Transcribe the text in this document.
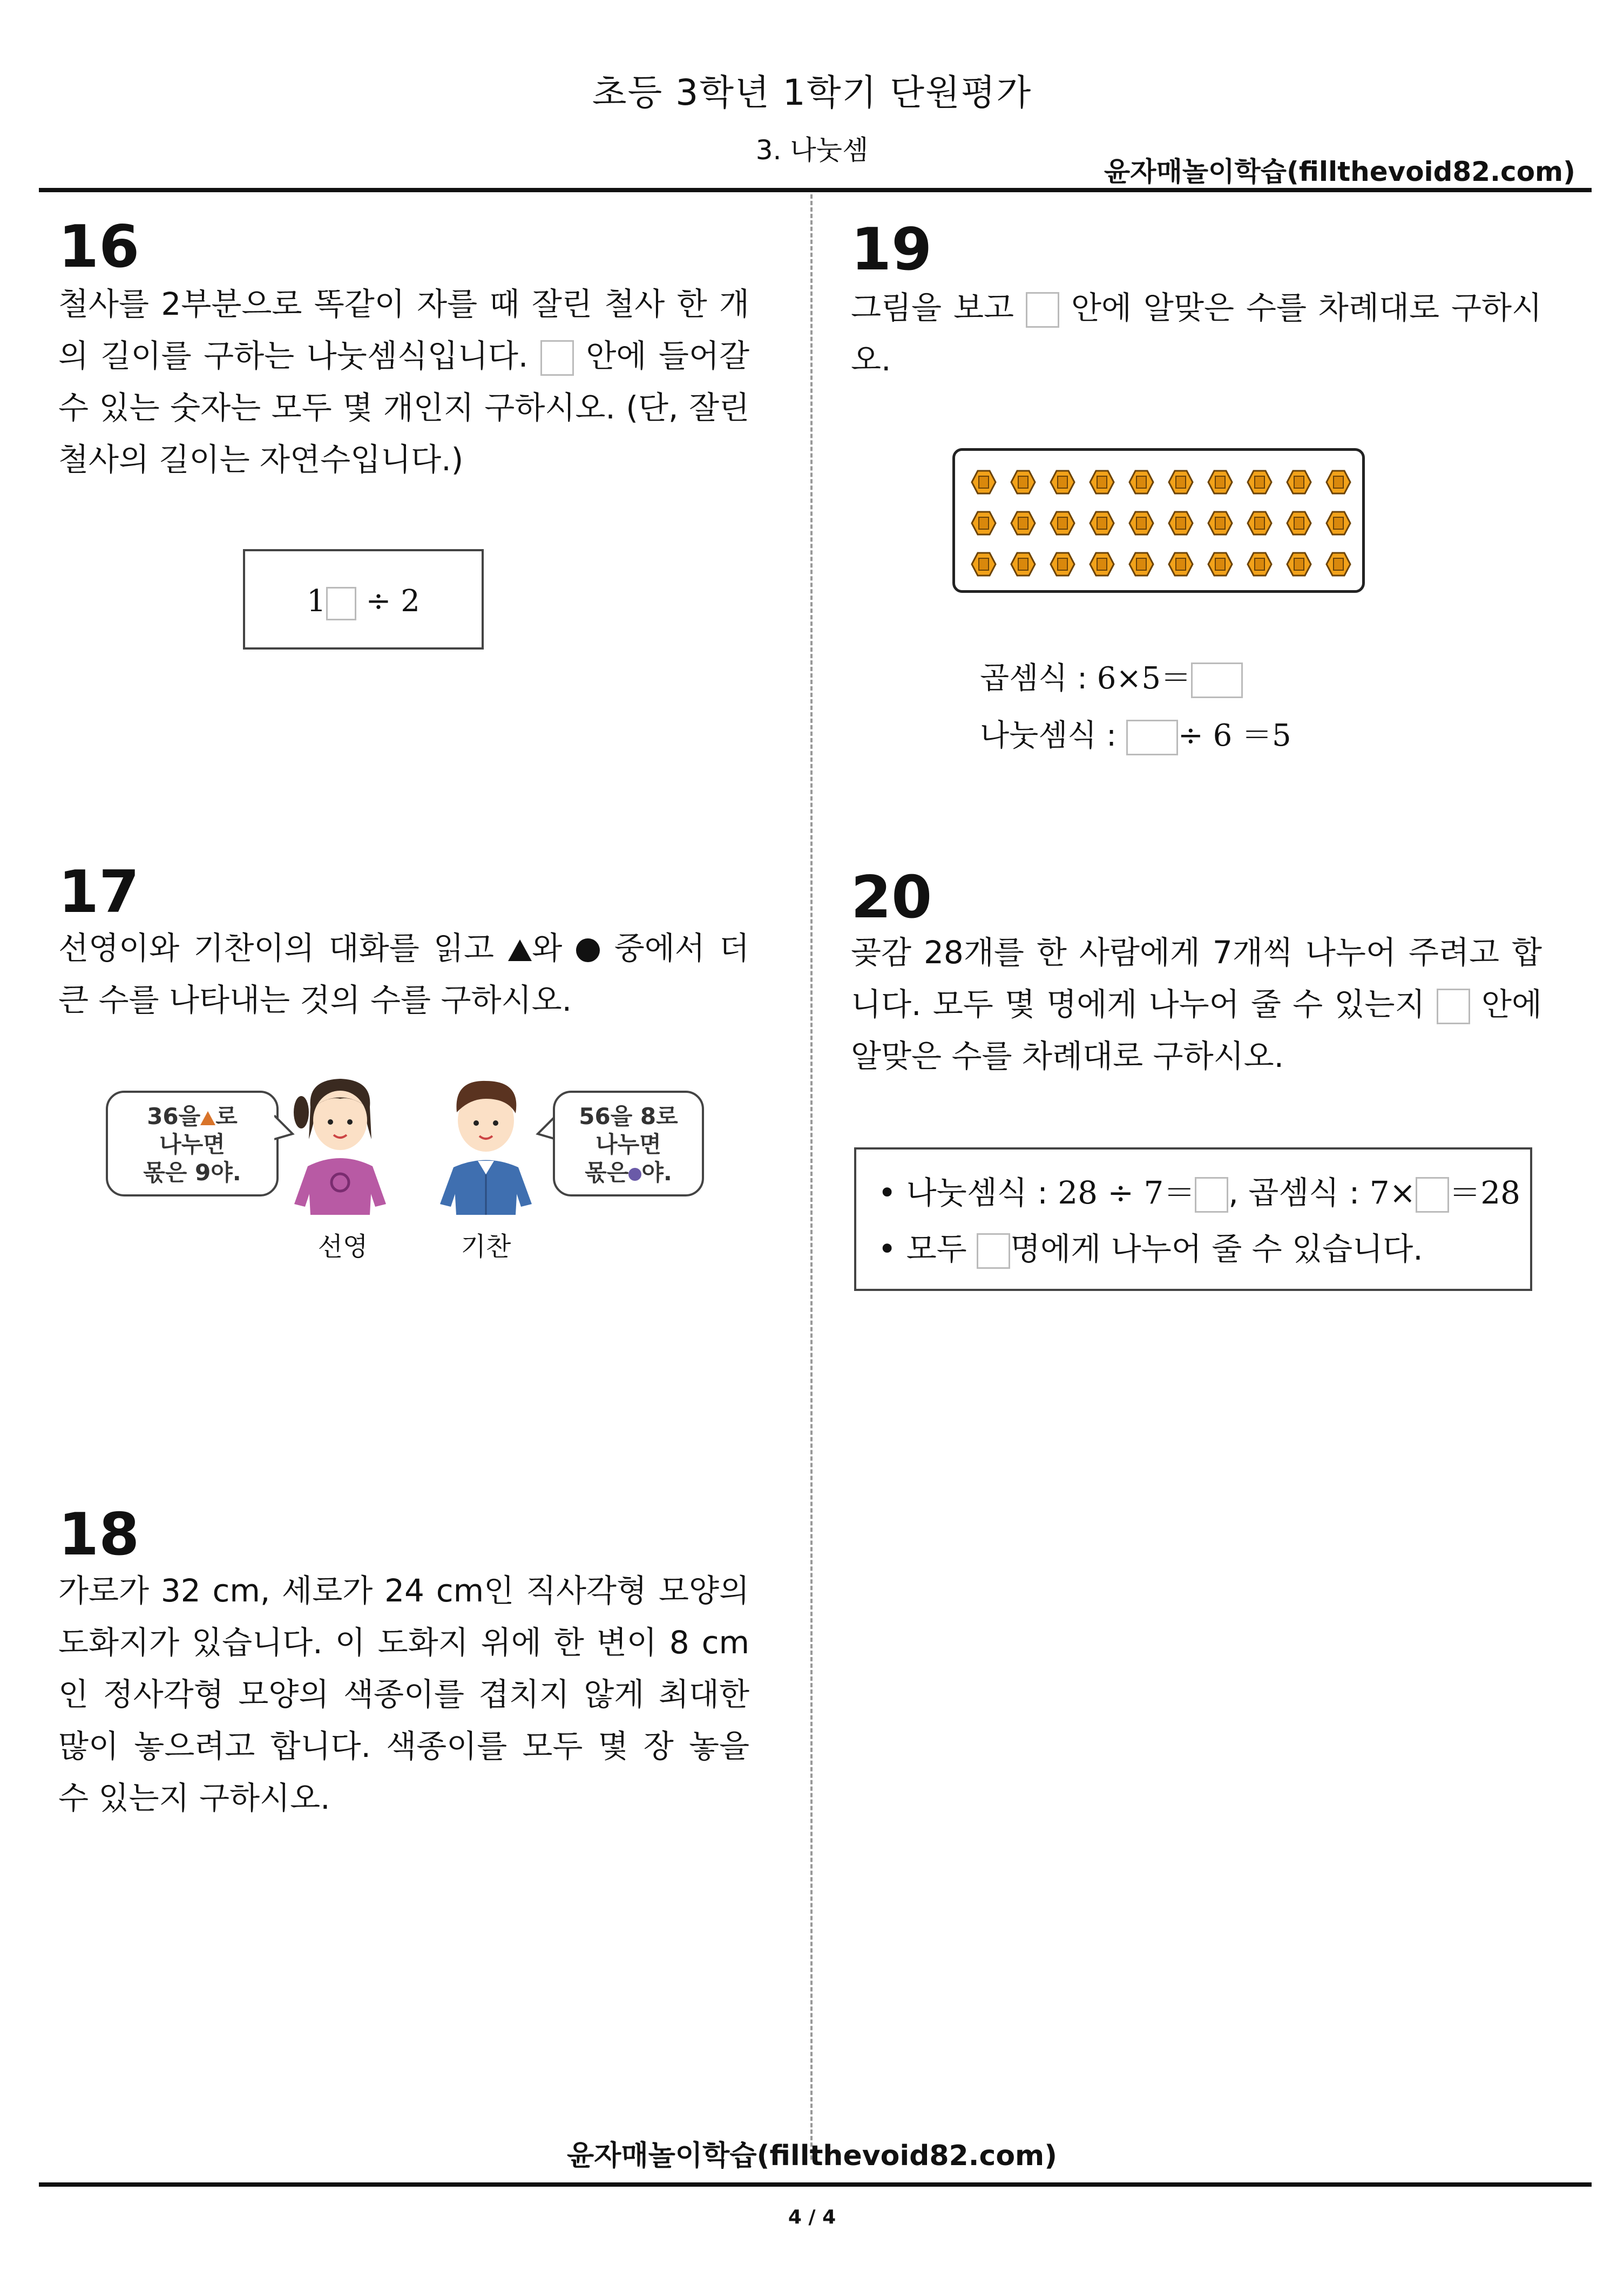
초등 3학년 1학기 단원평가
3. 나눗셈
윤자매놀이학습(fillthevoid82.com)
16
철사를 2부분으로 똑같이 자를 때 잘린 철사 한 개의 길이를 구하는 나눗셈식입니다. 안에 들어갈 수 있는 숫자는 모두 몇 개인지 구하시오. (단, 잘린 철사의 길이는 자연수입니다.)
1 ÷ 2
17
선영이와 기찬이의 대화를 읽고 와 중에서 더 큰 수를 나타내는 것의 수를 구하시오.
36을 로
나누면
몫은 9야.
56을 8로
나누면
몫은 야.
선영	기찬
18
가로가 32 cm, 세로가 24 cm인 직사각형 모양의 도화지가 있습니다. 이 도화지 위에 한 변이 8 cm인 정사각형 모양의 색종이를 겹치지 않게 최대한 많이 놓으려고 합니다. 색종이를 모두 몇 장 놓을 수 있는지 구하시오.
19
그림을 보고 안에 알맞은 수를 차례대로 구하시오.
곱셈식 : 6×5＝
나눗셈식 : ÷ 6 ＝5
20
곶감 28개를 한 사람에게 7개씩 나누어 주려고 합니다. 모두 몇 명에게 나누어 줄 수 있는지 안에 알맞은 수를 차례대로 구하시오.
• 나눗셈식 : 28 ÷ 7＝ , 곱셈식 : 7× ＝28
• 모두 명에게 나누어 줄 수 있습니다.
윤자매놀이학습(fillthevoid82.com)
4 / 4
